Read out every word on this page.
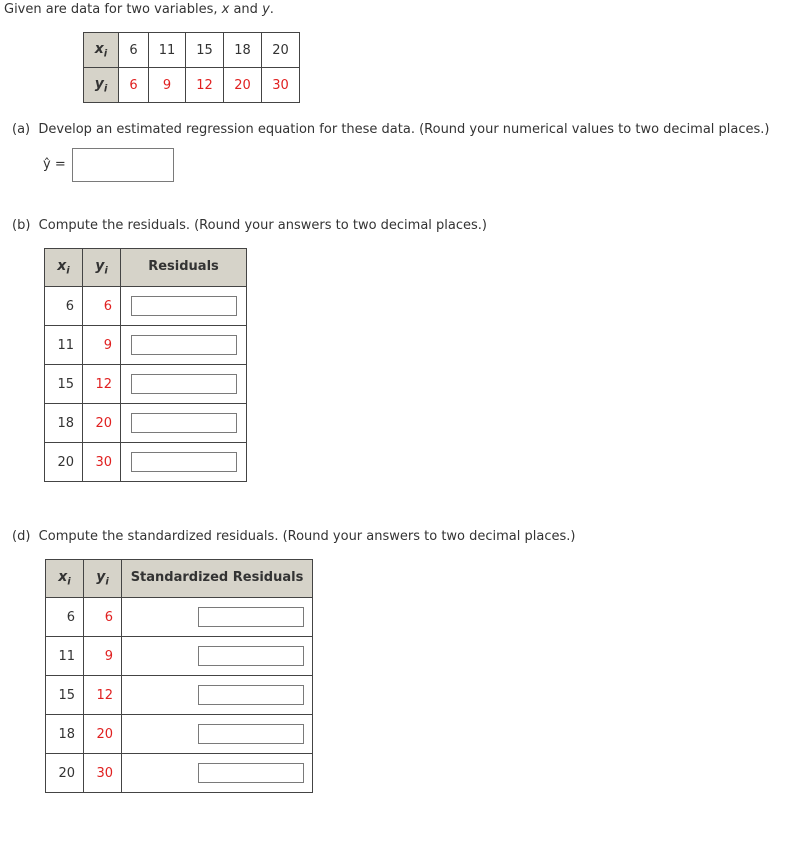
Given are data for two variables, x and y.
$x_i$	6	11	15	18	20
$y_i$	6	9	12	20	30
(a) Develop an estimated regression equation for these data. (Round your numerical values to two decimal places.)
ŷ =
(b) Compute the residuals. (Round your answers to two decimal places.)
$x_i$	$y_i$	Residuals
6	6	
11	9	
15	12	
18	20	
20	30	
(d) Compute the standardized residuals. (Round your answers to two decimal places.)
$x_i$	$y_i$	Standardized Residuals
6	6	
11	9	
15	12	
18	20	
20	30	
